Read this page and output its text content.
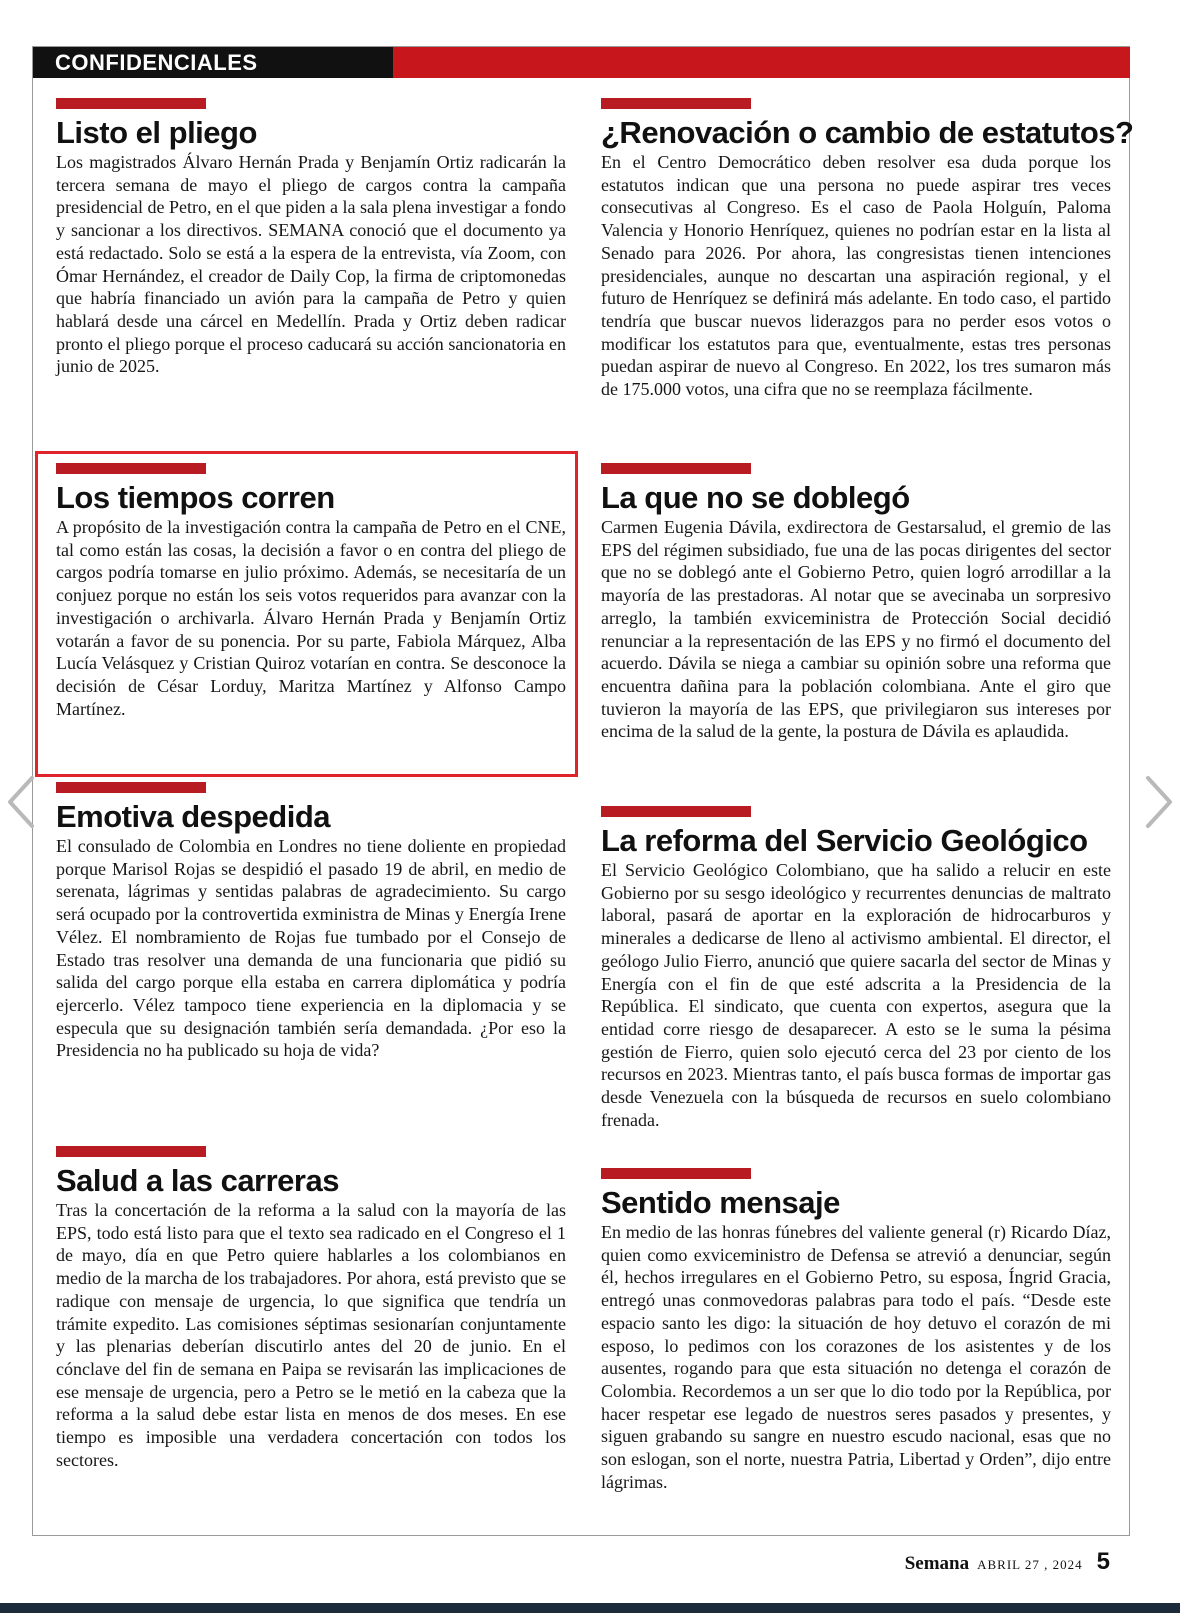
CONFIDENCIALES
Listo el pliego

Los magistrados Álvaro Hernán Prada y Benjamín Ortiz radicarán la tercera semana de mayo el pliego de cargos contra la campaña presidencial de Petro, en el que piden a la sala plena investigar a fondo y sancionar a los directivos. SEMANA conoció que el documento ya está redactado. Solo se está a la espera de la entrevista, vía Zoom, con Ómar Hernández, el creador de Daily Cop, la firma de criptomonedas que habría financiado un avión para la campaña de Petro y quien hablará desde una cárcel en Medellín. Prada y Ortiz deben radicar pronto el pliego porque el proceso caducará su acción sancionatoria en junio de 2025.

¿Renovación o cambio de estatutos?

En el Centro Democrático deben resolver esa duda porque los estatutos indican que una persona no puede aspirar tres veces consecutivas al Congreso. Es el caso de Paola Holguín, Paloma Valencia y Honorio Henríquez, quienes no podrían estar en la lista al Senado para 2026. Por ahora, las congresistas tienen intenciones presidenciales, aunque no descartan una aspiración regional, y el futuro de Henríquez se definirá más adelante. En todo caso, el partido tendría que buscar nuevos liderazgos para no perder esos votos o modificar los estatutos para que, eventualmente, estas tres personas puedan aspirar de nuevo al Congreso. En 2022, los tres sumaron más de 175.000 votos, una cifra que no se reemplaza fácilmente.

Los tiempos corren

A propósito de la investigación contra la campaña de Petro en el CNE, tal como están las cosas, la decisión a favor o en contra del pliego de cargos podría tomarse en julio próximo. Además, se necesitaría de un conjuez porque no están los seis votos requeridos para avanzar con la investigación o archivarla. Álvaro Hernán Prada y Benjamín Ortiz votarán a favor de su ponencia. Por su parte, Fabiola Márquez, Alba Lucía Velásquez y Cristian Quiroz votarían en contra. Se desconoce la decisión de César Lorduy, Maritza Martínez y Alfonso Campo Martínez.

La que no se doblegó

Carmen Eugenia Dávila, exdirectora de Gestarsalud, el gremio de las EPS del régimen subsidiado, fue una de las pocas dirigentes del sector que no se doblegó ante el Gobierno Petro, quien logró arrodillar a la mayoría de las prestadoras. Al notar que se avecinaba un sorpresivo arreglo, la también exviceministra de Protección Social decidió renunciar a la representación de las EPS y no firmó el documento del acuerdo. Dávila se niega a cambiar su opinión sobre una reforma que encuentra dañina para la población colombiana. Ante el giro que tuvieron la mayoría de las EPS, que privilegiaron sus intereses por encima de la salud de la gente, la postura de Dávila es aplaudida.

Emotiva despedida

El consulado de Colombia en Londres no tiene doliente en propiedad porque Marisol Rojas se despidió el pasado 19 de abril, en medio de serenata, lágrimas y sentidas palabras de agradecimiento. Su cargo será ocupado por la controvertida exministra de Minas y Energía Irene Vélez. El nombramiento de Rojas fue tumbado por el Consejo de Estado tras resolver una demanda de una funcionaria que pidió su salida del cargo porque ella estaba en carrera diplomática y podría ejercerlo. Vélez tampoco tiene experiencia en la diplomacia y se especula que su designación también sería demandada. ¿Por eso la Presidencia no ha publicado su hoja de vida?

La reforma del Servicio Geológico

El Servicio Geológico Colombiano, que ha salido a relucir en este Gobierno por su sesgo ideológico y recurrentes denuncias de maltrato laboral, pasará de aportar en la exploración de hidrocarburos y minerales a dedicarse de lleno al activismo ambiental. El director, el geólogo Julio Fierro, anunció que quiere sacarla del sector de Minas y Energía con el fin de que esté adscrita a la Presidencia de la República. El sindicato, que cuenta con expertos, asegura que la entidad corre riesgo de desaparecer. A esto se le suma la pésima gestión de Fierro, quien solo ejecutó cerca del 23 por ciento de los recursos en 2023. Mientras tanto, el país busca formas de importar gas desde Venezuela con la búsqueda de recursos en suelo colombiano frenada.

Salud a las carreras

Tras la concertación de la reforma a la salud con la mayoría de las EPS, todo está listo para que el texto sea radicado en el Congreso el 1 de mayo, día en que Petro quiere hablarles a los colombianos en medio de la marcha de los trabajadores. Por ahora, está previsto que se radique con mensaje de urgencia, lo que significa que tendría un trámite expedito. Las comisiones séptimas sesionarían conjuntamente y las plenarias deberían discutirlo antes del 20 de junio. En el cónclave del fin de semana en Paipa se revisarán las implicaciones de ese mensaje de urgencia, pero a Petro se le metió en la cabeza que la reforma a la salud debe estar lista en menos de dos meses. En ese tiempo es imposible una verdadera concertación con todos los sectores.

Sentido mensaje

En medio de las honras fúnebres del valiente general (r) Ricardo Díaz, quien como exviceministro de Defensa se atrevió a denunciar, según él, hechos irregulares en el Gobierno Petro, su esposa, Íngrid Gracia, entregó unas conmovedoras palabras para todo el país. “Desde este espacio santo les digo: la situación de hoy detuvo el corazón de mi esposo, lo pedimos con los corazones de los asistentes y de los ausentes, rogando para que esta situación no detenga el corazón de Colombia. Recordemos a un ser que lo dio todo por la República, por hacer respetar ese legado de nuestros seres pasados y presentes, y siguen grabando su sangre en nuestro escudo nacional, esas que no son eslogan, son el norte, nuestra Patria, Libertad y Orden”, dijo entre lágrimas.

Semana ABRIL 27 , 2024 5
